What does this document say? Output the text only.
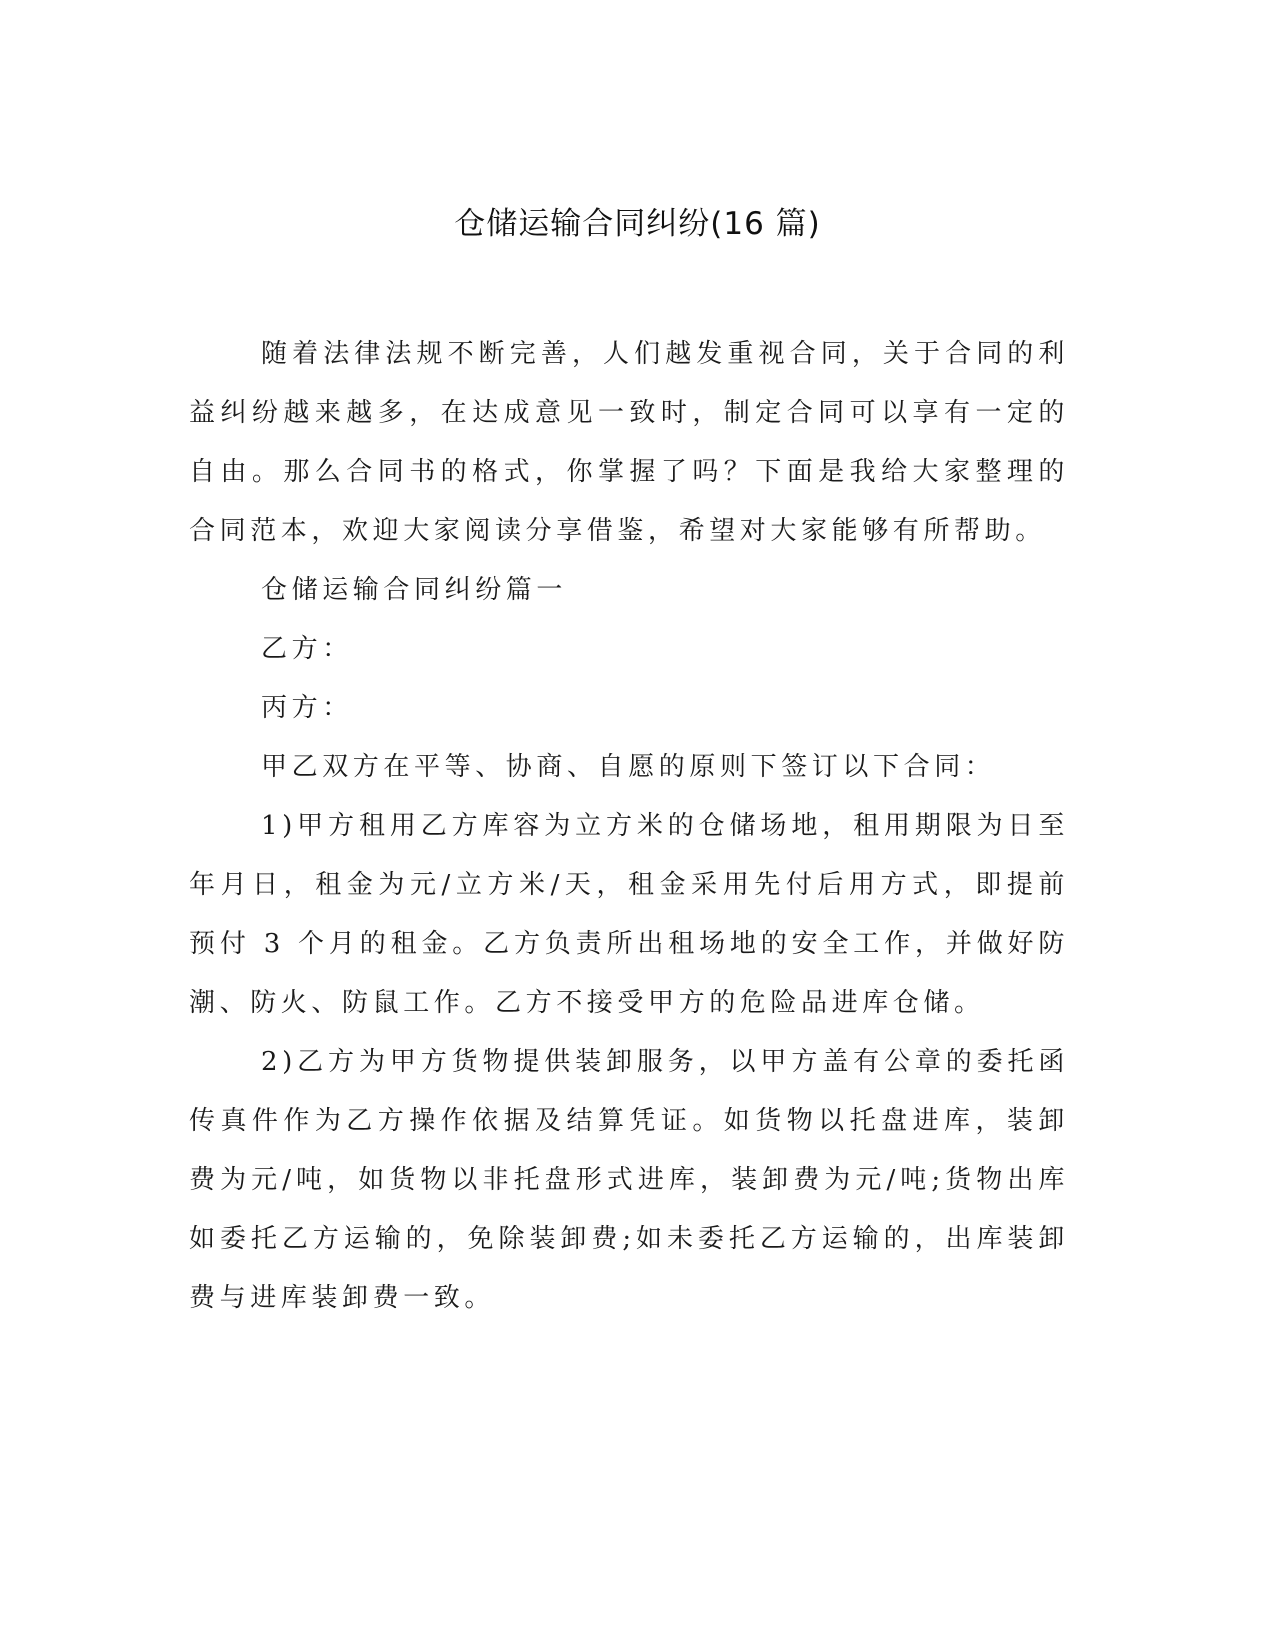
仓储运输合同纠纷(16 篇)

随着法律法规不断完善，人们越发重视合同，关于合同的利益纠纷越来越多，在达成意见一致时，制定合同可以享有一定的自由。那么合同书的格式，你掌握了吗？下面是我给大家整理的合同范本，欢迎大家阅读分享借鉴，希望对大家能够有所帮助。

仓储运输合同纠纷篇一

乙方：

丙方：

甲乙双方在平等、协商、自愿的原则下签订以下合同：

1)甲方租用乙方库容为立方米的仓储场地，租用期限为日至年月日，租金为元/立方米/天，租金采用先付后用方式，即提前预付 3 个月的租金。乙方负责所出租场地的安全工作，并做好防潮、防火、防鼠工作。乙方不接受甲方的危险品进库仓储。

2)乙方为甲方货物提供装卸服务，以甲方盖有公章的委托函传真件作为乙方操作依据及结算凭证。如货物以托盘进库，装卸费为元/吨，如货物以非托盘形式进库，装卸费为元/吨;货物出库如委托乙方运输的，免除装卸费;如未委托乙方运输的，出库装卸费与进库装卸费一致。
